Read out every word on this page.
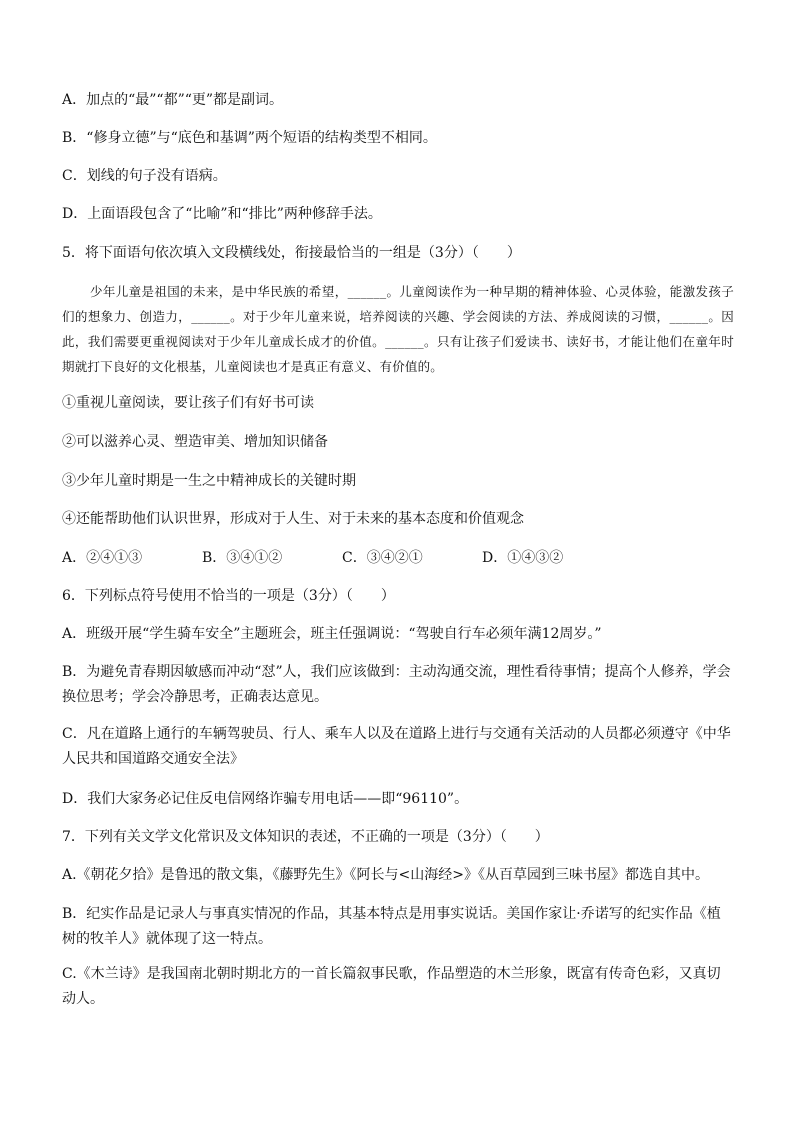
A．加点的“最”“都”“更”都是副词。
B．“修身立德”与“底色和基调”两个短语的结构类型不相同。
C．划线的句子没有语病。
D．上面语段包含了“比喻”和“排比”两种修辞手法。
5．将下面语句依次填入文段横线处，衔接最恰当的一组是（3分）（　　）
少年儿童是祖国的未来，是中华民族的希望，______。儿童阅读作为一种早期的精神体验、心灵体验，能激发孩子们的想象力、创造力，______。对于少年儿童来说，培养阅读的兴趣、学会阅读的方法、养成阅读的习惯，______。因此，我们需要更重视阅读对于少年儿童成长成才的价值。______。只有让孩子们爱读书、读好书，才能让他们在童年时期就打下良好的文化根基，儿童阅读也才是真正有意义、有价值的。
①重视儿童阅读，要让孩子们有好书可读
②可以滋养心灵、塑造审美、增加知识储备
③少年儿童时期是一生之中精神成长的关键时期
④还能帮助他们认识世界，形成对于人生、对于未来的基本态度和价值观念
A．②④①③	B．③④①②	C．③④②①	D．①④③②
6．下列标点符号使用不恰当的一项是（3分）（　　）
A．班级开展“学生骑车安全”主题班会，班主任强调说：“驾驶自行车必须年满12周岁。”
B．为避免青春期因敏感而冲动“怼”人，我们应该做到：主动沟通交流，理性看待事情；提高个人修养，学会换位思考；学会冷静思考，正确表达意见。
C．凡在道路上通行的车辆驾驶员、行人、乘车人以及在道路上进行与交通有关活动的人员都必须遵守《中华人民共和国道路交通安全法》
D．我们大家务必记住反电信网络诈骗专用电话——即“96110”。
7．下列有关文学文化常识及文体知识的表述，不正确的一项是（3分）（　　）
A.《朝花夕拾》是鲁迅的散文集，《藤野先生》《阿长与<山海经>》《从百草园到三味书屋》都选自其中。
B．纪实作品是记录人与事真实情况的作品，其基本特点是用事实说话。美国作家让·乔诺写的纪实作品《植树的牧羊人》就体现了这一特点。
C.《木兰诗》是我国南北朝时期北方的一首长篇叙事民歌，作品塑造的木兰形象，既富有传奇色彩，又真切动人。
